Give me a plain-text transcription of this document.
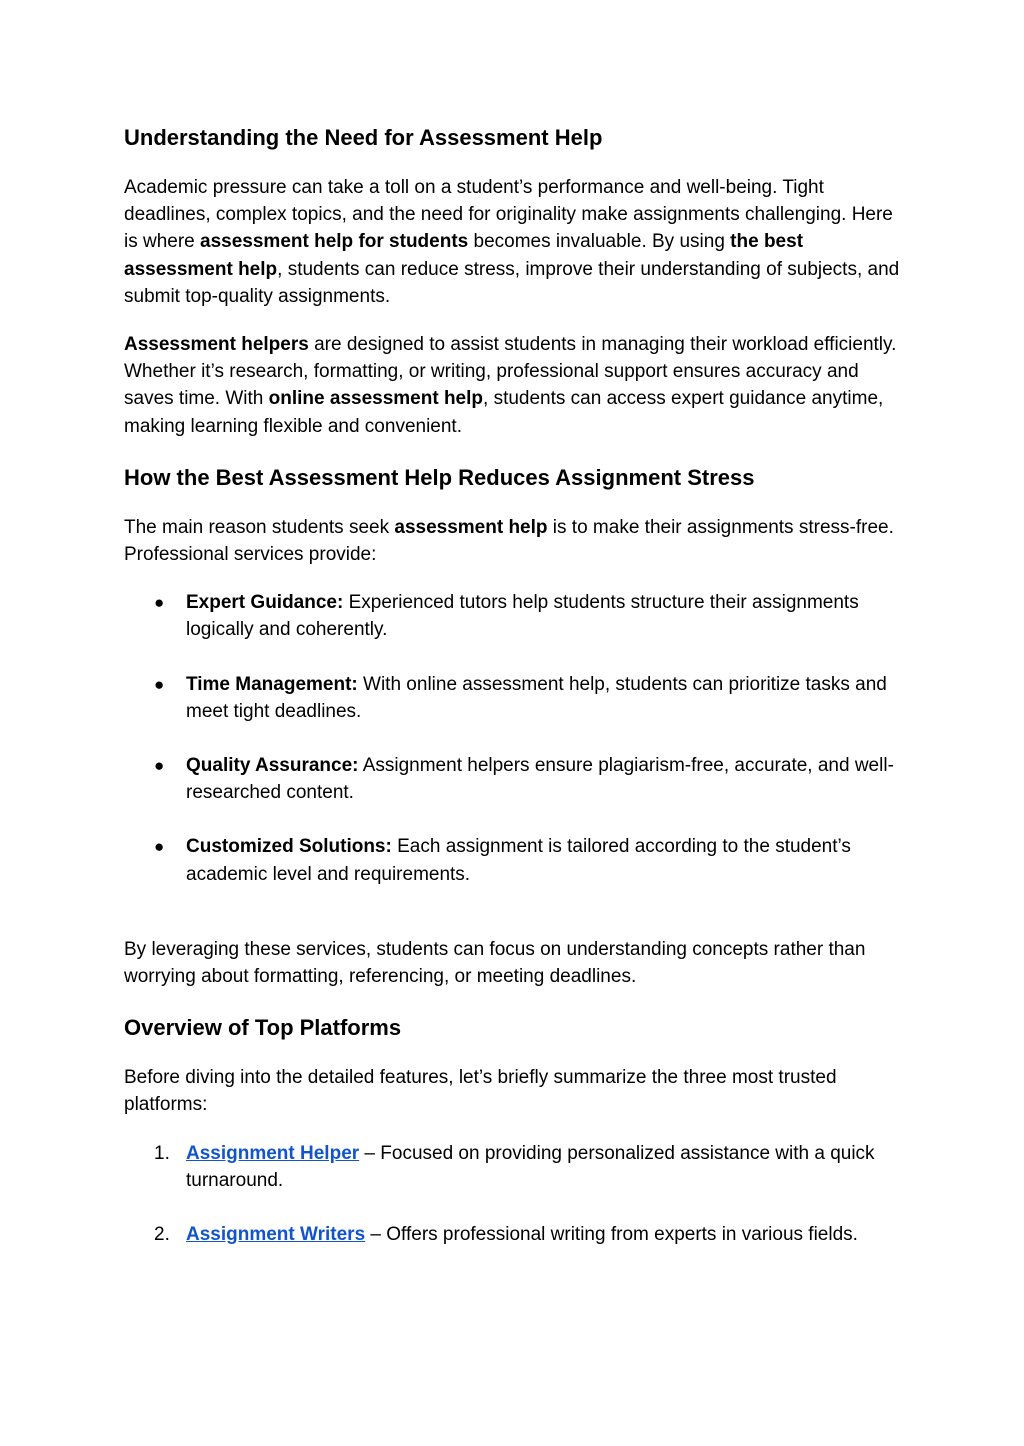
Understanding the Need for Assessment Help

Academic pressure can take a toll on a student’s performance and well-being. Tight deadlines, complex topics, and the need for originality make assignments challenging. Here is where assessment help for students becomes invaluable. By using the best assessment help, students can reduce stress, improve their understanding of subjects, and submit top-quality assignments.

Assessment helpers are designed to assist students in managing their workload efficiently. Whether it’s research, formatting, or writing, professional support ensures accuracy and saves time. With online assessment help, students can access expert guidance anytime, making learning flexible and convenient.

How the Best Assessment Help Reduces Assignment Stress

The main reason students seek assessment help is to make their assignments stress-free. Professional services provide:

● Expert Guidance: Experienced tutors help students structure their assignments logically and coherently.
● Time Management: With online assessment help, students can prioritize tasks and meet tight deadlines.
● Quality Assurance: Assignment helpers ensure plagiarism-free, accurate, and well-researched content.
● Customized Solutions: Each assignment is tailored according to the student’s academic level and requirements.

By leveraging these services, students can focus on understanding concepts rather than worrying about formatting, referencing, or meeting deadlines.

Overview of Top Platforms

Before diving into the detailed features, let’s briefly summarize the three most trusted platforms:

1. Assignment Helper – Focused on providing personalized assistance with a quick turnaround.
2. Assignment Writers – Offers professional writing from experts in various fields.
